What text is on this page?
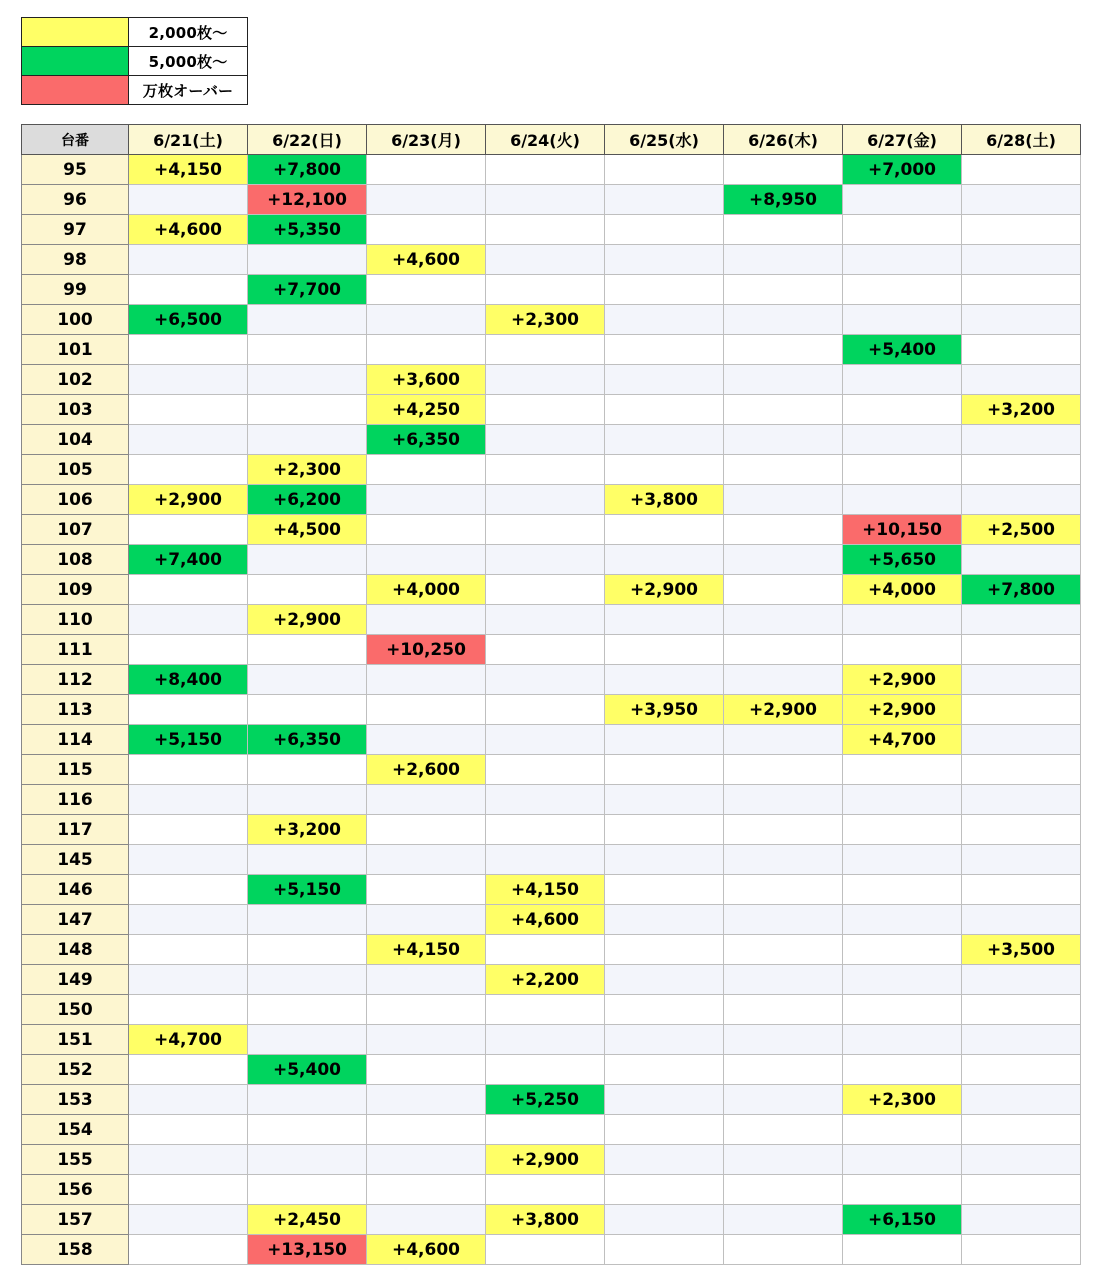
	2,000枚～
	5,000枚～
	万枚オーバー
台番	6/21(土)	6/22(日)	6/23(月)	6/24(火)	6/25(水)	6/26(木)	6/27(金)	6/28(土)
95	+4,150	+7,800					+7,000	
96		+12,100				+8,950		
97	+4,600	+5,350						
98			+4,600					
99		+7,700						
100	+6,500			+2,300				
101							+5,400	
102			+3,600					
103			+4,250					+3,200
104			+6,350					
105		+2,300						
106	+2,900	+6,200			+3,800			
107		+4,500					+10,150	+2,500
108	+7,400						+5,650	
109			+4,000		+2,900		+4,000	+7,800
110		+2,900						
111			+10,250					
112	+8,400						+2,900	
113					+3,950	+2,900	+2,900	
114	+5,150	+6,350					+4,700	
115			+2,600					
116								
117		+3,200						
145								
146		+5,150		+4,150				
147				+4,600				
148			+4,150					+3,500
149				+2,200				
150								
151	+4,700							
152		+5,400						
153				+5,250			+2,300	
154								
155				+2,900				
156								
157		+2,450		+3,800			+6,150	
158		+13,150	+4,600					
